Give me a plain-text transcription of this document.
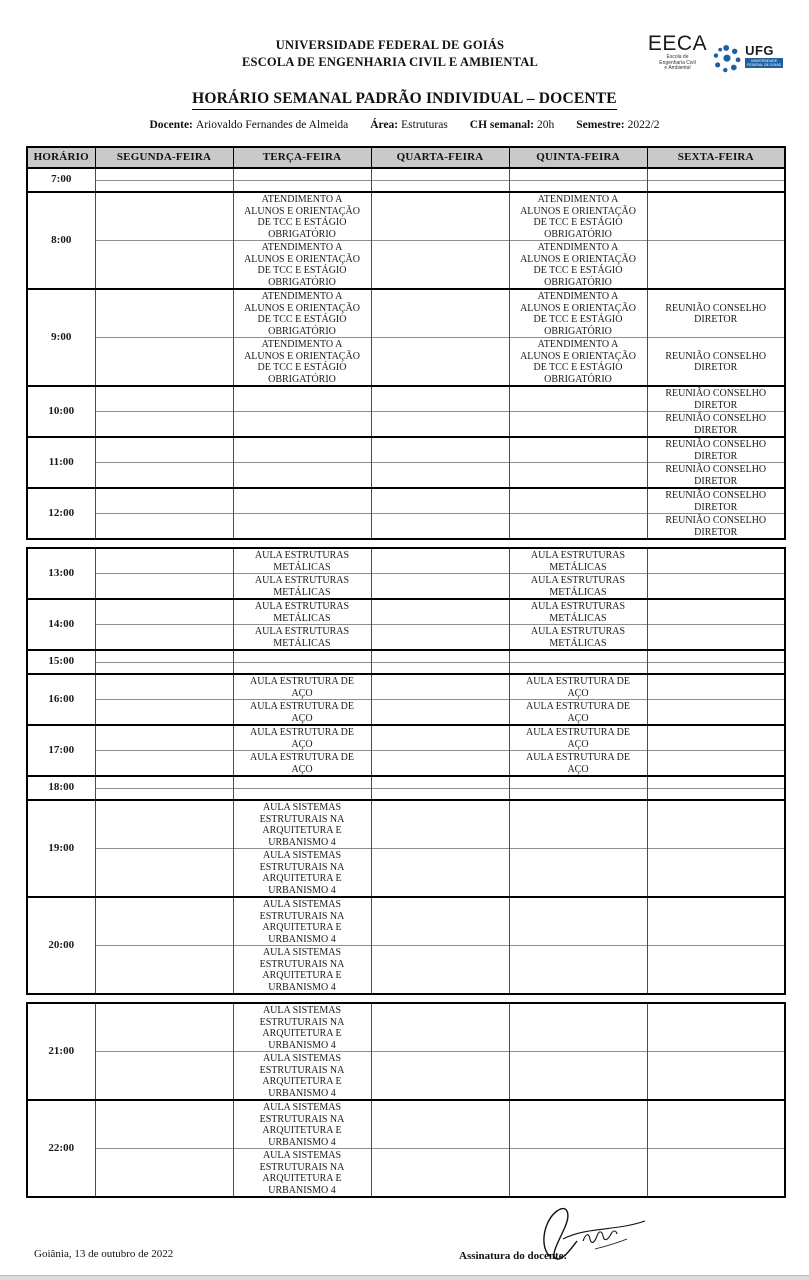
UNIVERSIDADE FEDERAL DE GOIÁS
ESCOLA DE ENGENHARIA CIVIL E AMBIENTAL
EECA
Escola de
Engenharia Civil
e Ambiental
UFG
UNIVERSIDADE
FEDERAL DE GOIÁS
HORÁRIO SEMANAL PADRÃO INDIVIDUAL – DOCENTE
Docente: Ariovaldo Fernandes de Almeida Área: Estruturas CH semanal: 20h Semestre: 2022/2
HORÁRIO	SEGUNDA-FEIRA	TERÇA-FEIRA	QUARTA-FEIRA	QUINTA-FEIRA	SEXTA-FEIRA
7:00					

8:00		ATENDIMENTO A ALUNOS E ORIENTAÇÃO DE TCC E ESTÁGIO OBRIGATÓRIO		ATENDIMENTO A ALUNOS E ORIENTAÇÃO DE TCC E ESTÁGIO OBRIGATÓRIO	
		ATENDIMENTO A ALUNOS E ORIENTAÇÃO DE TCC E ESTÁGIO OBRIGATÓRIO		ATENDIMENTO A ALUNOS E ORIENTAÇÃO DE TCC E ESTÁGIO OBRIGATÓRIO	
9:00		ATENDIMENTO A ALUNOS E ORIENTAÇÃO DE TCC E ESTÁGIO OBRIGATÓRIO		ATENDIMENTO A ALUNOS E ORIENTAÇÃO DE TCC E ESTÁGIO OBRIGATÓRIO	REUNIÃO CONSELHO DIRETOR
		ATENDIMENTO A ALUNOS E ORIENTAÇÃO DE TCC E ESTÁGIO OBRIGATÓRIO		ATENDIMENTO A ALUNOS E ORIENTAÇÃO DE TCC E ESTÁGIO OBRIGATÓRIO	REUNIÃO CONSELHO DIRETOR
10:00					REUNIÃO CONSELHO DIRETOR
					REUNIÃO CONSELHO DIRETOR
11:00					REUNIÃO CONSELHO DIRETOR
					REUNIÃO CONSELHO DIRETOR
12:00					REUNIÃO CONSELHO DIRETOR
					REUNIÃO CONSELHO DIRETOR
13:00		AULA ESTRUTURAS METÁLICAS		AULA ESTRUTURAS METÁLICAS	
		AULA ESTRUTURAS METÁLICAS		AULA ESTRUTURAS METÁLICAS	
14:00		AULA ESTRUTURAS METÁLICAS		AULA ESTRUTURAS METÁLICAS	
		AULA ESTRUTURAS METÁLICAS		AULA ESTRUTURAS METÁLICAS	
15:00					

16:00		AULA ESTRUTURA DE AÇO		AULA ESTRUTURA DE AÇO	
		AULA ESTRUTURA DE AÇO		AULA ESTRUTURA DE AÇO	
17:00		AULA ESTRUTURA DE AÇO		AULA ESTRUTURA DE AÇO	
		AULA ESTRUTURA DE AÇO		AULA ESTRUTURA DE AÇO	
18:00					

19:00		AULA SISTEMAS ESTRUTURAIS NA ARQUITETURA E URBANISMO 4			
		AULA SISTEMAS ESTRUTURAIS NA ARQUITETURA E URBANISMO 4			
20:00		AULA SISTEMAS ESTRUTURAIS NA ARQUITETURA E URBANISMO 4			
		AULA SISTEMAS ESTRUTURAIS NA ARQUITETURA E URBANISMO 4			
21:00		AULA SISTEMAS ESTRUTURAIS NA ARQUITETURA E URBANISMO 4			
		AULA SISTEMAS ESTRUTURAIS NA ARQUITETURA E URBANISMO 4			
22:00		AULA SISTEMAS ESTRUTURAIS NA ARQUITETURA E URBANISMO 4			
		AULA SISTEMAS ESTRUTURAIS NA ARQUITETURA E URBANISMO 4			
Goiânia, 13 de outubro de 2022	Assinatura do docente:
